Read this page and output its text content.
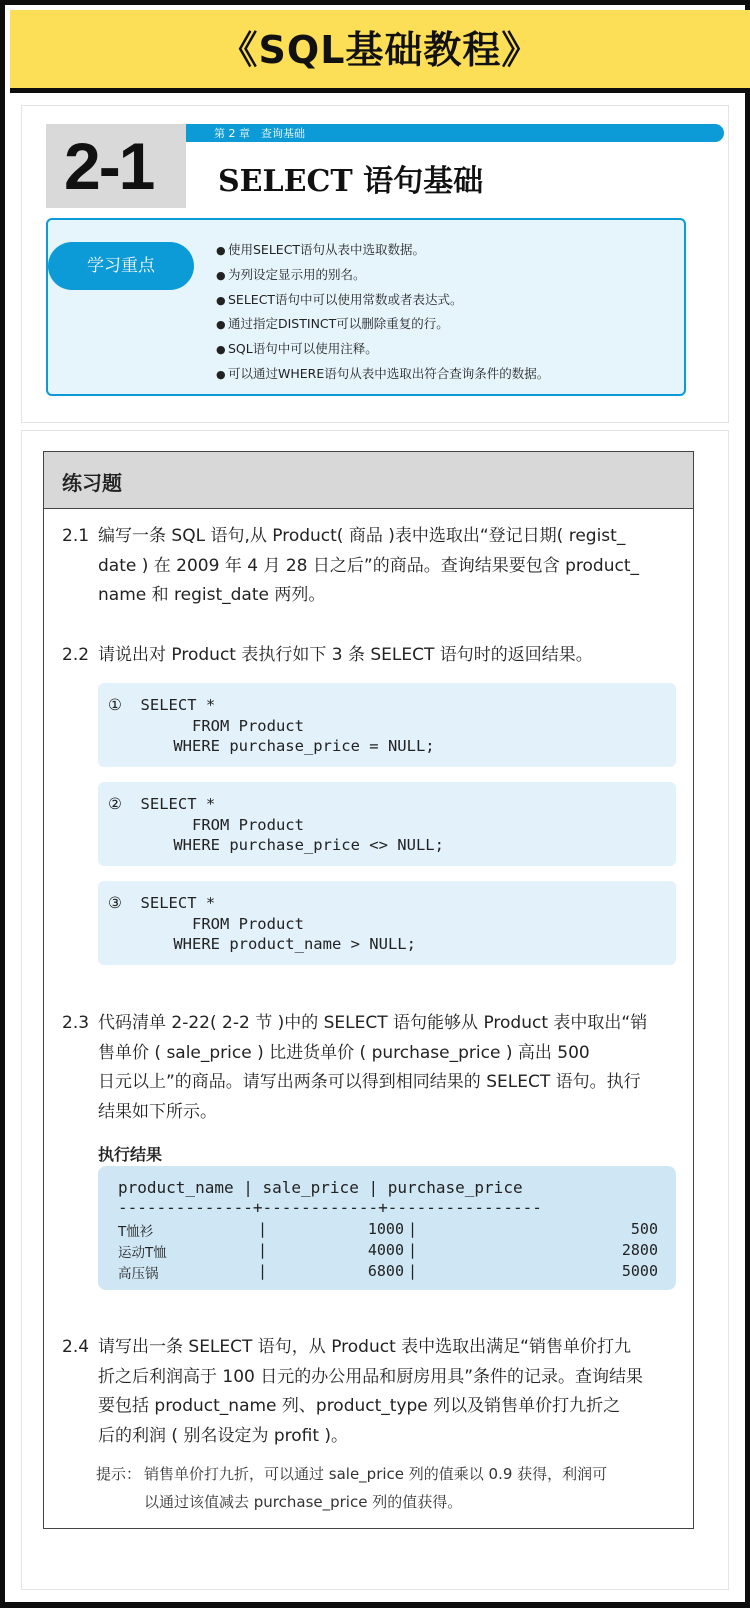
《SQL基础教程》
2-1	第 2 章　查询基础
SELECT 语句基础
学习重点
● 使用SELECT语句从表中选取数据。
● 为列设定显示用的别名。
● SELECT语句中可以使用常数或者表达式。
● 通过指定DISTINCT可以删除重复的行。
● SQL语句中可以使用注释。
● 可以通过WHERE语句从表中选取出符合查询条件的数据。
练习题
2.1 编写一条 SQL 语句,从 Product( 商品 )表中选取出“登记日期( regist_
date ) 在 2009 年 4 月 28 日之后”的商品。查询结果要包含 product_
name 和 regist_date 两列。
2.2 请说出对 Product 表执行如下 3 条 SELECT 语句时的返回结果。
①  SELECT *
FROM Product
WHERE purchase_price = NULL;
②  SELECT *
FROM Product
WHERE purchase_price <> NULL;
③  SELECT *
FROM Product
WHERE product_name > NULL;
2.3 代码清单 2-22( 2-2 节 )中的 SELECT 语句能够从 Product 表中取出“销
售单价 ( sale_price ) 比进货单价 ( purchase_price ) 高出 500
日元以上”的商品。请写出两条可以得到相同结果的 SELECT 语句。执行
结果如下所示。
执行结果
product_name | sale_price | purchase_price
--------------+------------+----------------
T恤衫	|	1000 |	500
运动T恤	|	4000 |	2800
高压锅	|	6800 |	5000
2.4 请写出一条 SELECT 语句，从 Product 表中选取出满足“销售单价打九
折之后利润高于 100 日元的办公用品和厨房用具”条件的记录。查询结果
要包括 product_name 列、product_type 列以及销售单价打九折之
后的利润 ( 别名设定为 profit )。
提示： 销售单价打九折，可以通过 sale_price 列的值乘以 0.9 获得，利润可
以通过该值减去 purchase_price 列的值获得。
